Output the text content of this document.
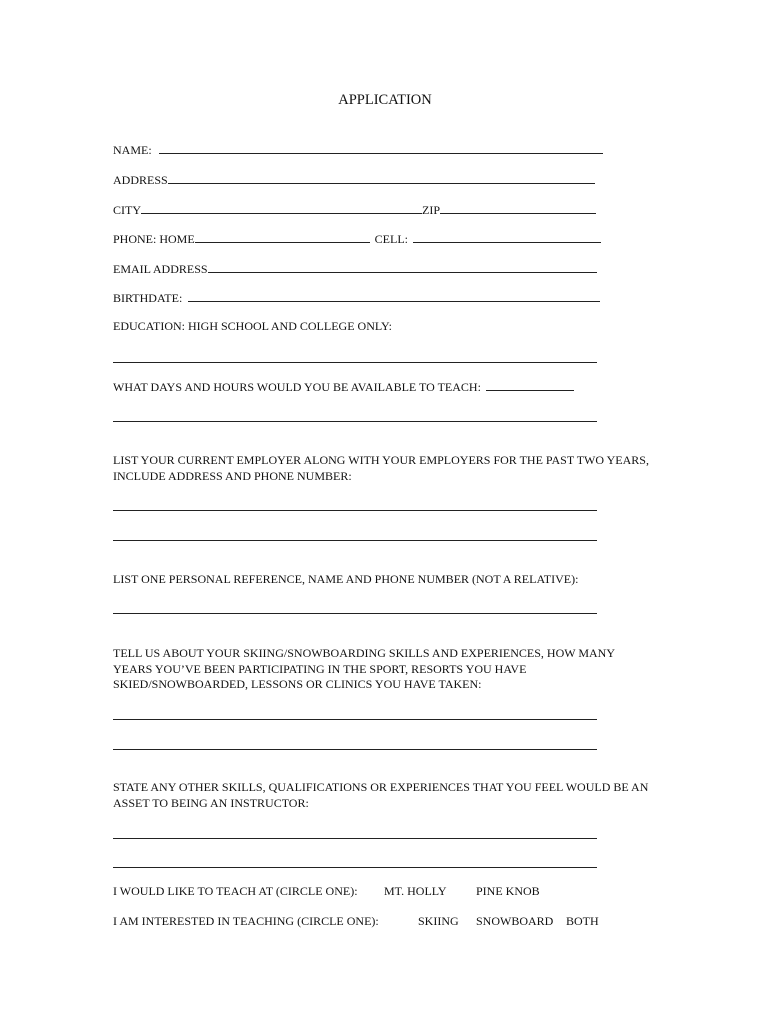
APPLICATION
NAME:
ADDRESS
CITY	ZIP
PHONE: HOME	CELL:
EMAIL ADDRESS
BIRTHDATE:
EDUCATION: HIGH SCHOOL AND COLLEGE ONLY:
WHAT DAYS AND HOURS WOULD YOU BE AVAILABLE TO TEACH:
LIST YOUR CURRENT EMPLOYER ALONG WITH YOUR EMPLOYERS FOR THE PAST TWO YEARS, INCLUDE ADDRESS AND PHONE NUMBER:
LIST ONE PERSONAL REFERENCE, NAME AND PHONE NUMBER (NOT A RELATIVE):
TELL US ABOUT YOUR SKIING/SNOWBOARDING SKILLS AND EXPERIENCES, HOW MANY YEARS YOU’VE BEEN PARTICIPATING IN THE SPORT, RESORTS YOU HAVE SKIED/SNOWBOARDED, LESSONS OR CLINICS YOU HAVE TAKEN:
STATE ANY OTHER SKILLS, QUALIFICATIONS OR EXPERIENCES THAT YOU FEEL WOULD BE AN ASSET TO BEING AN INSTRUCTOR:
I WOULD LIKE TO TEACH AT (CIRCLE ONE): MT. HOLLY PINE KNOB
I AM INTERESTED IN TEACHING (CIRCLE ONE):	SKIING SNOWBOARD BOTH
